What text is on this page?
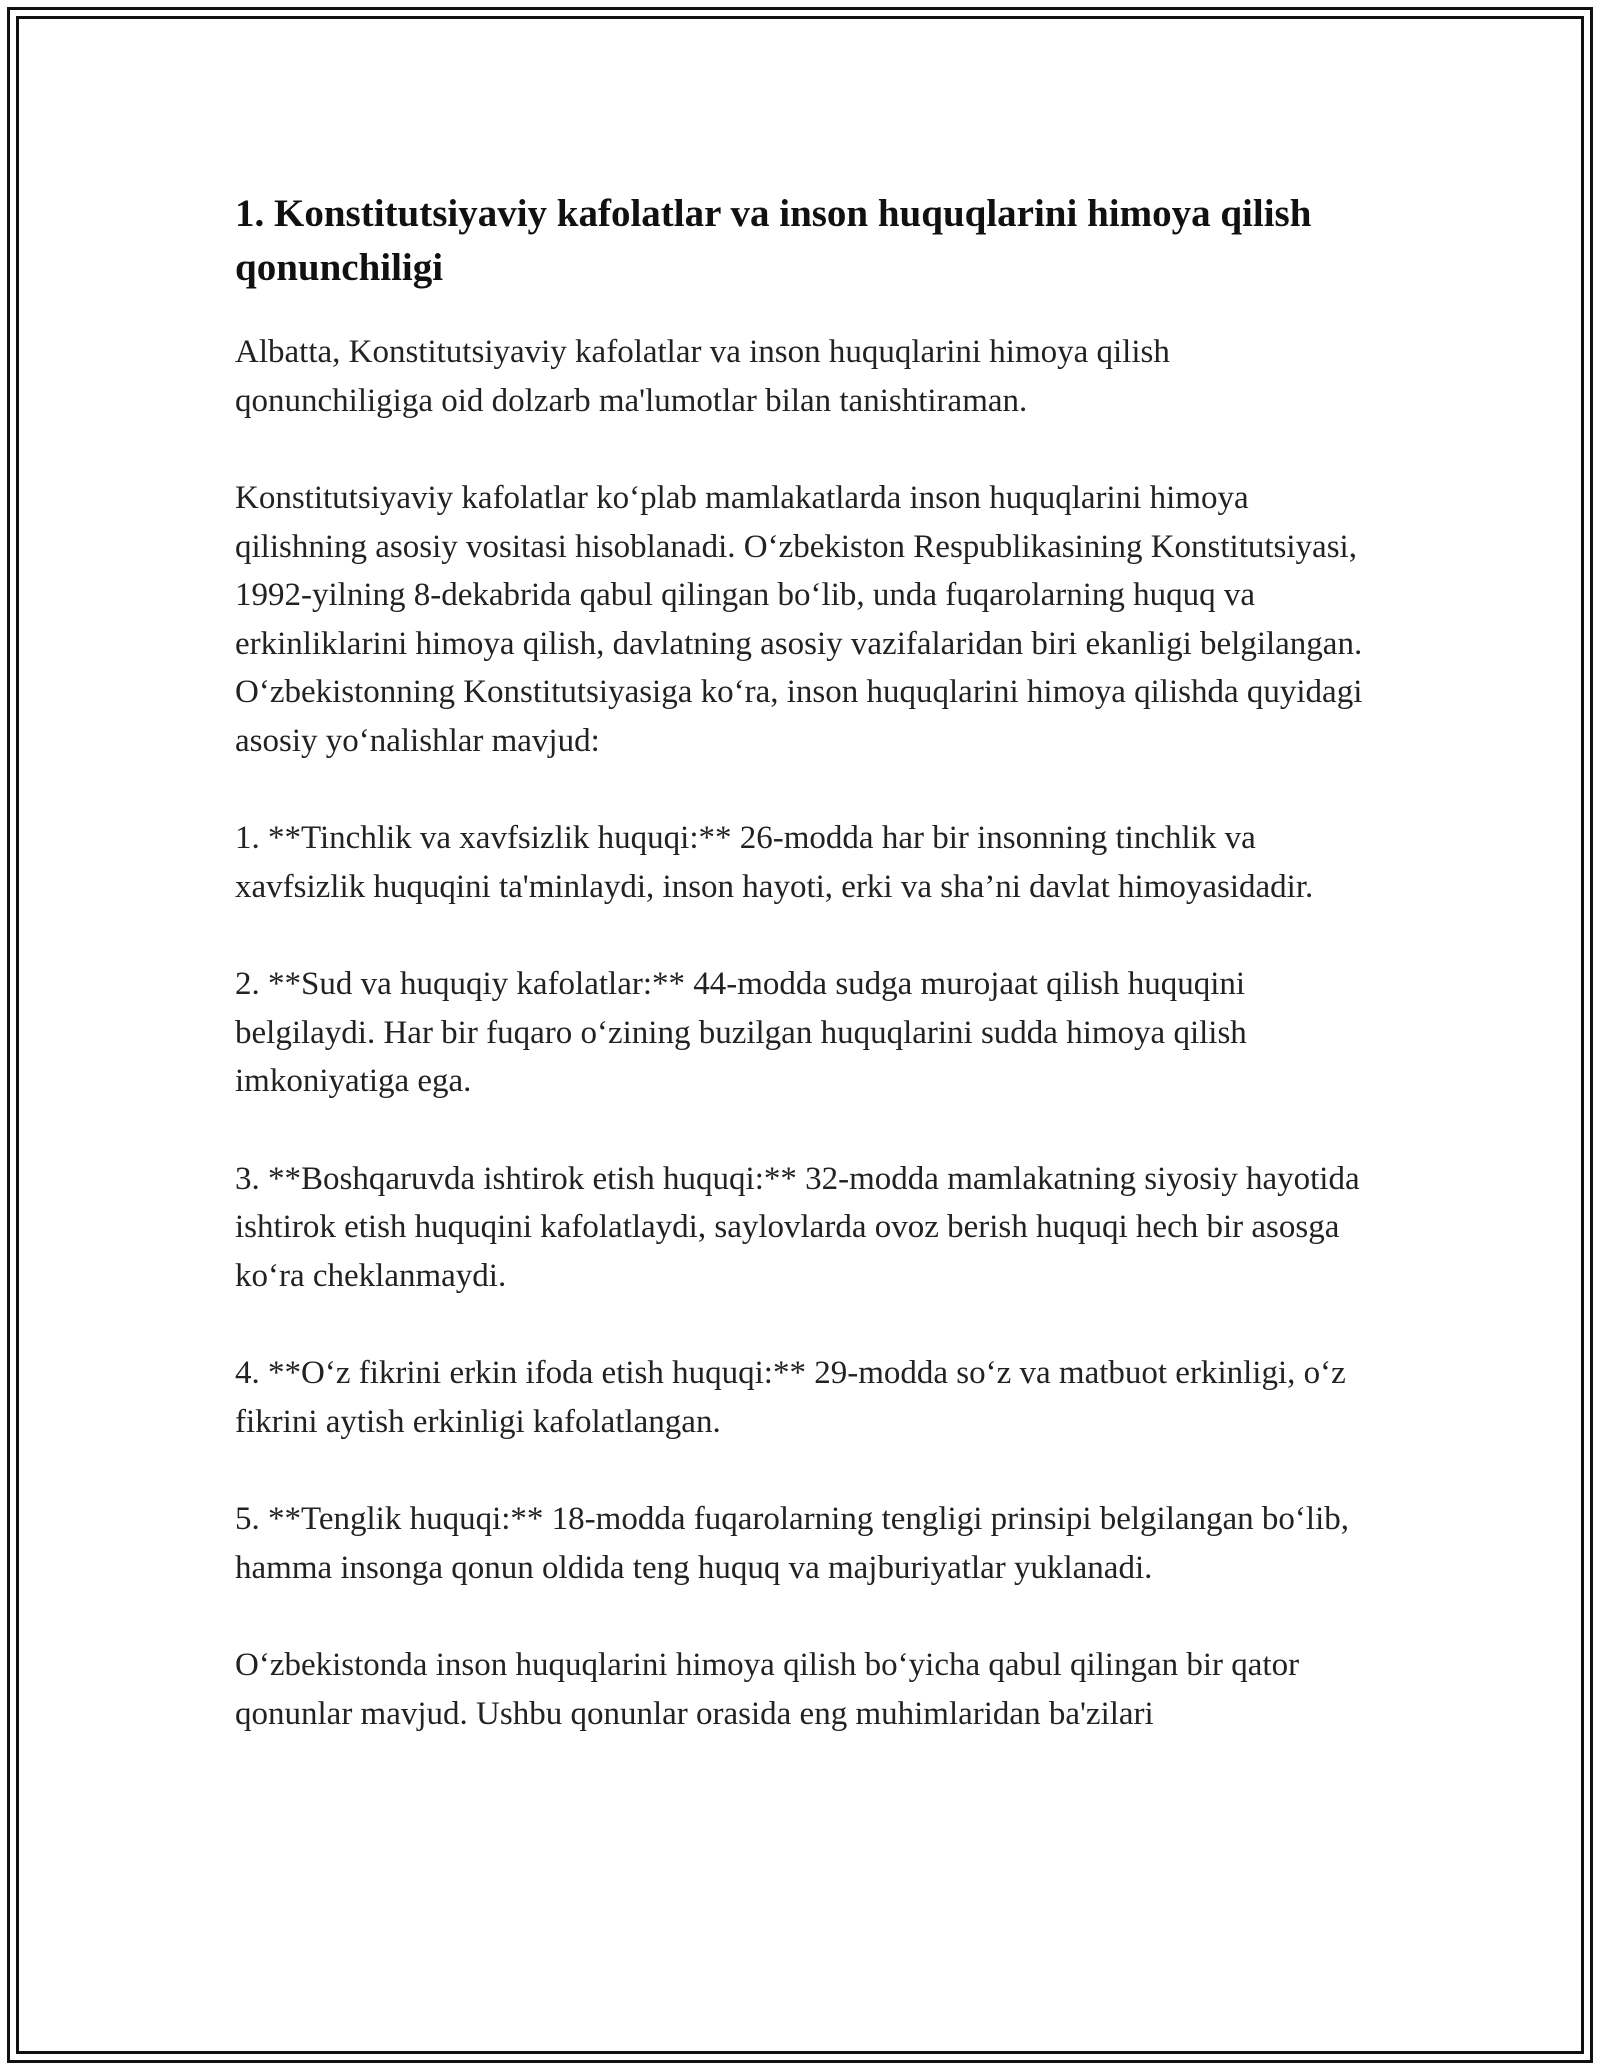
1. Konstitutsiyaviy kafolatlar va inson huquqlarini himoya qilish qonunchiligi

Albatta, Konstitutsiyaviy kafolatlar va inson huquqlarini himoya qilish qonunchiligiga oid dolzarb ma'lumotlar bilan tanishtiraman.

Konstitutsiyaviy kafolatlar ko‘plab mamlakatlarda inson huquqlarini himoya qilishning asosiy vositasi hisoblanadi. O‘zbekiston Respublikasining Konstitutsiyasi, 1992-yilning 8-dekabrida qabul qilingan bo‘lib, unda fuqarolarning huquq va erkinliklarini himoya qilish, davlatning asosiy vazifalaridan biri ekanligi belgilangan. O‘zbekistonning Konstitutsiyasiga ko‘ra, inson huquqlarini himoya qilishda quyidagi asosiy yo‘nalishlar mavjud:

1. **Tinchlik va xavfsizlik huquqi:** 26-modda har bir insonning tinchlik va xavfsizlik huquqini ta'minlaydi, inson hayoti, erki va sha’ni davlat himoyasidadir.

2. **Sud va huquqiy kafolatlar:** 44-modda sudga murojaat qilish huquqini belgilaydi. Har bir fuqaro o‘zining buzilgan huquqlarini sudda himoya qilish imkoniyatiga ega.

3. **Boshqaruvda ishtirok etish huquqi:** 32-modda mamlakatning siyosiy hayotida ishtirok etish huquqini kafolatlaydi, saylovlarda ovoz berish huquqi hech bir asosga ko‘ra cheklanmaydi.

4. **O‘z fikrini erkin ifoda etish huquqi:** 29-modda so‘z va matbuot erkinligi, o‘z fikrini aytish erkinligi kafolatlangan.

5. **Tenglik huquqi:** 18-modda fuqarolarning tengligi prinsipi belgilangan bo‘lib, hamma insonga qonun oldida teng huquq va majburiyatlar yuklanadi.

O‘zbekistonda inson huquqlarini himoya qilish bo‘yicha qabul qilingan bir qator qonunlar mavjud. Ushbu qonunlar orasida eng muhimlaridan ba'zilari
